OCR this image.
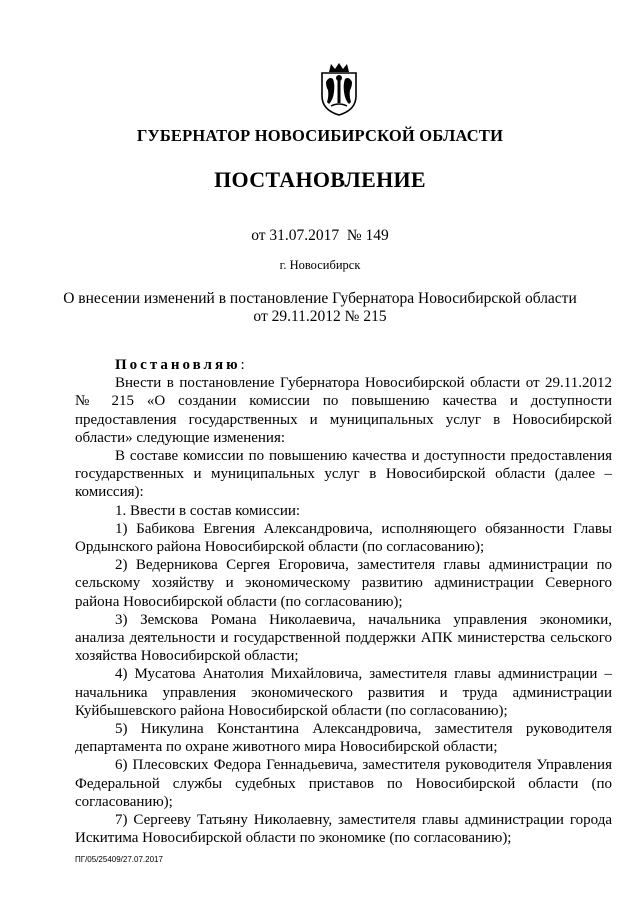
ГУБЕРНАТОР НОВОСИБИРСКОЙ ОБЛАСТИ
ПОСТАНОВЛЕНИЕ
от 31.07.2017  № 149
г. Новосибирск
О внесении изменений в постановление Губернатора Новосибирской области
от 29.11.2012 № 215

Постановляю:

Внести в постановление Губернатора Новосибирской области от 29.11.2012 № 215 «О создании комиссии по повышению качества и доступности предоставления государственных и муниципальных услуг в Новосибирской области» следующие изменения:

В составе комиссии по повышению качества и доступности предоставления государственных и муниципальных услуг в Новосибирской области (далее – комиссия):

1. Ввести в состав комиссии:

1) Бабикова Евгения Александровича, исполняющего обязанности Главы Ордынского района Новосибирской области (по согласованию);

2) Ведерникова Сергея Егоровича, заместителя главы администрации по сельскому хозяйству и экономическому развитию администрации Северного района Новосибирской области (по согласованию);

3) Земскова Романа Николаевича, начальника управления экономики, анализа деятельности и государственной поддержки АПК министерства сельского хозяйства Новосибирской области;

4) Мусатова Анатолия Михайловича, заместителя главы администрации – начальника управления экономического развития и труда администрации Куйбышевского района Новосибирской области (по согласованию);

5) Никулина Константина Александровича, заместителя руководителя департамента по охране животного мира Новосибирской области;

6) Плесовских Федора Геннадьевича, заместителя руководителя Управления Федеральной службы судебных приставов по Новосибирской области (по согласованию);

7) Сергееву Татьяну Николаевну, заместителя главы администрации города Искитима Новосибирской области по экономике (по согласованию);

ПГ/05/25409/27.07.2017
